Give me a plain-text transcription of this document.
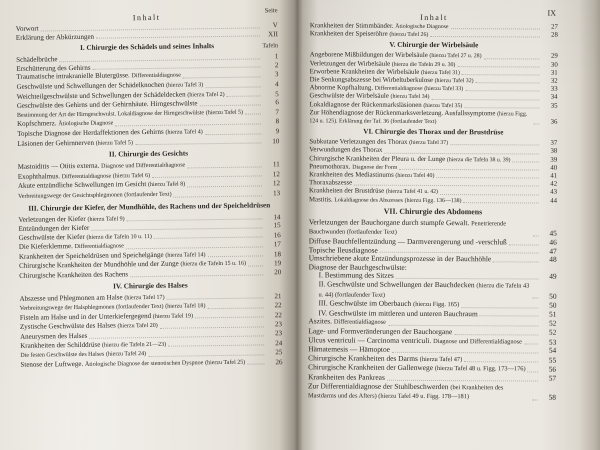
Inhalt
Seite
Vorwort	V
Erklärung der Abkürzungen	XII
I. Chirurgie des Schädels und seines Inhalts	Tafeln
Schädelbrüche	1
Erschütterung des Gehirns	2
Traumatische intrakranielle Blutergüsse. Differentialdiagnose	3
Geschwülste und Schwellungen der Schädelknochen (hierzu Tafel 3)	4
Weichteilgeschwülste und Schwellungen der Schädeldecken (hierzu Tafel 2)	5
Geschwülste des Gehirns und der Gehirnhäute. Hirngeschwülste	6
Bestimmung der Art der Hirngeschwulst. Lokaldiagnose der Hirngeschwülste (hierzu Tafel 5)	7
Kopfschmerz. Ätiologische Diagnose	8
Topische Diagnose der Herdaffektionen des Gehirns (hierzu Tafel 4)	9
Läsionen der Gehirnnerven (hierzu Tafel 5)	10
II. Chirurgie des Gesichts
Mastoiditis — Otitis externa. Diagnose und Differentialdiagnose	11
Exophthalmus. Differentialdiagnose (hierzu Tafel 6)	12
Akute entzündliche Schwellungen im Gesicht (hierzu Tafel 8)	12
Verbreitungswege der Gesichtsphlegmonen (fortlaufender Text)	13
III. Chirurgie der Kiefer, der Mundhöhle, des Rachens und der Speicheldrüsen
Verletzungen der Kiefer (hierzu Tafel 9)	14
Entzündungen der Kiefer	15
Geschwülste der Kiefer (hierzu die Tafeln 10 u. 11)	16
Die Kieferklemme. Differentialdiagnose	17
Krankheiten der Speicheldrüsen und Speichelgänge (hierzu Tafel 14)	18
Chirurgische Krankheiten der Mundhöhle und der Zunge (hierzu die Tafeln 15 u. 16)	19
Chirurgische Krankheiten des Rachens	20
IV. Chirurgie des Halses
Abszesse und Phlegmonen am Halse (hierzu Tafel 17)	21
Verbreitungswege der Halsphlegmonen (fortlaufender Text) (hierzu Tafel 18)	22
Fisteln am Halse und in der Unterkiefergegend (hierzu Tafel 19)	22
Zystische Geschwülste des Halses (hierzu Tafel 20)	23
Aneurysmen des Halses	23
Krankheiten der Schilddrüse (hierzu die Tafeln 21—23)	24
Die festen Geschwülste des Halses (hierzu Tafel 24)	25
Stenose der Luftwege. Ätiologische Diagnose der stenotischen Dyspnoe (hierzu Tafel 25)	26
Inhalt	IX
Krankheiten der Stimmbänder. Ätiologische Diagnose	27
Krankheiten der Speiseröhre (hierzu Tafel 26)	28
V. Chirurgie der Wirbelsäule
Angeborene Mißbildungen der Wirbelsäule (hierzu Tafel 27 u. 28)	29
Verletzungen der Wirbelsäule (hierzu die Tafeln 29 u. 30)	30
Erworbene Krankheiten der Wirbelsäule (hierzu Tafel 31)	31
Die Senkungsabszesse bei Wirbeltuberkulose (hierzu Tafel 32)	32
Abnorme Kopfhaltung. Differentialdiagnose (hierzu Tafel 33)	33
Geschwülste der Wirbelsäule (hierzu Tafel 34)	34
Lokaldiagnose der Rückenmarksläsionen (hierzu Tafel 35)	35
Zur Höhendiagnose der Rückenmarksverletzung. Ausfallssymptome (hierzu Figg. 124 u. 125). Erklärung der Taf. 36 (fortlaufender Text)	36
VI. Chirurgie des Thorax und der Brustdrüse
Subkutane Verletzungen des Thorax (hierzu Tafel 37)	37
Verwundungen des Thorax	38
Chirurgische Krankheiten der Pleura u. der Lunge (hierzu die Tafeln 38 u. 39)	39
Pneumothorax. Diagnose der Form	40
Krankheiten des Mediastinums (hierzu Tafel 40)	41
Thoraxabszesse	42
Krankheiten der Brustdrüse (hierzu Tafel 41 u. 42)	43
Mastitis. Lokaldiagnose des Abszesses (hierzu Figg. 136—138)	44
VII. Chirurgie des Abdomens
Verletzungen der Bauchorgane durch stumpfe Gewalt. Penetrierende Bauchwunden (fortlaufender Text)	45
Diffuse Bauchfellentzündung — Darmverengerung und -verschluß	46
Topische Ileusdiagnose	47
Umschriebene akute Entzündungsprozesse in der Bauchhöhle	48
Diagnose der Bauchgeschwülste:
I. Bestimmung des Sitzes	49
II. Geschwülste und Schwellungen der Bauchdecken (hierzu die Tafeln 43 u. 44) (fortlaufender Text)	50
III. Geschwülste im Oberbauch (hierzu Figg. 165)	50
IV. Geschwülste im mittleren und unteren Bauchraum	51
Aszites. Differentialdiagnose	52
Lage- und Formveränderungen der Bauchorgane	52
Ulcus ventriculi — Carcinoma ventriculi. Diagnose und Differentialdiagnose	53
Hämatemesis — Hämoptoe	54
Chirurgische Krankheiten des Darms (hierzu Tafel 47)	55
Chirurgische Krankheiten der Gallenwege (hierzu Tafel 48 u. Figg. 173—176)	56
Krankheiten des Pankreas	57
Zur Differentialdiagnose der Stuhlbeschwerden (bei Krankheiten des Mastdarms und des Afters) (hierzu Tafel 49 u. Figg. 178—181)	58
